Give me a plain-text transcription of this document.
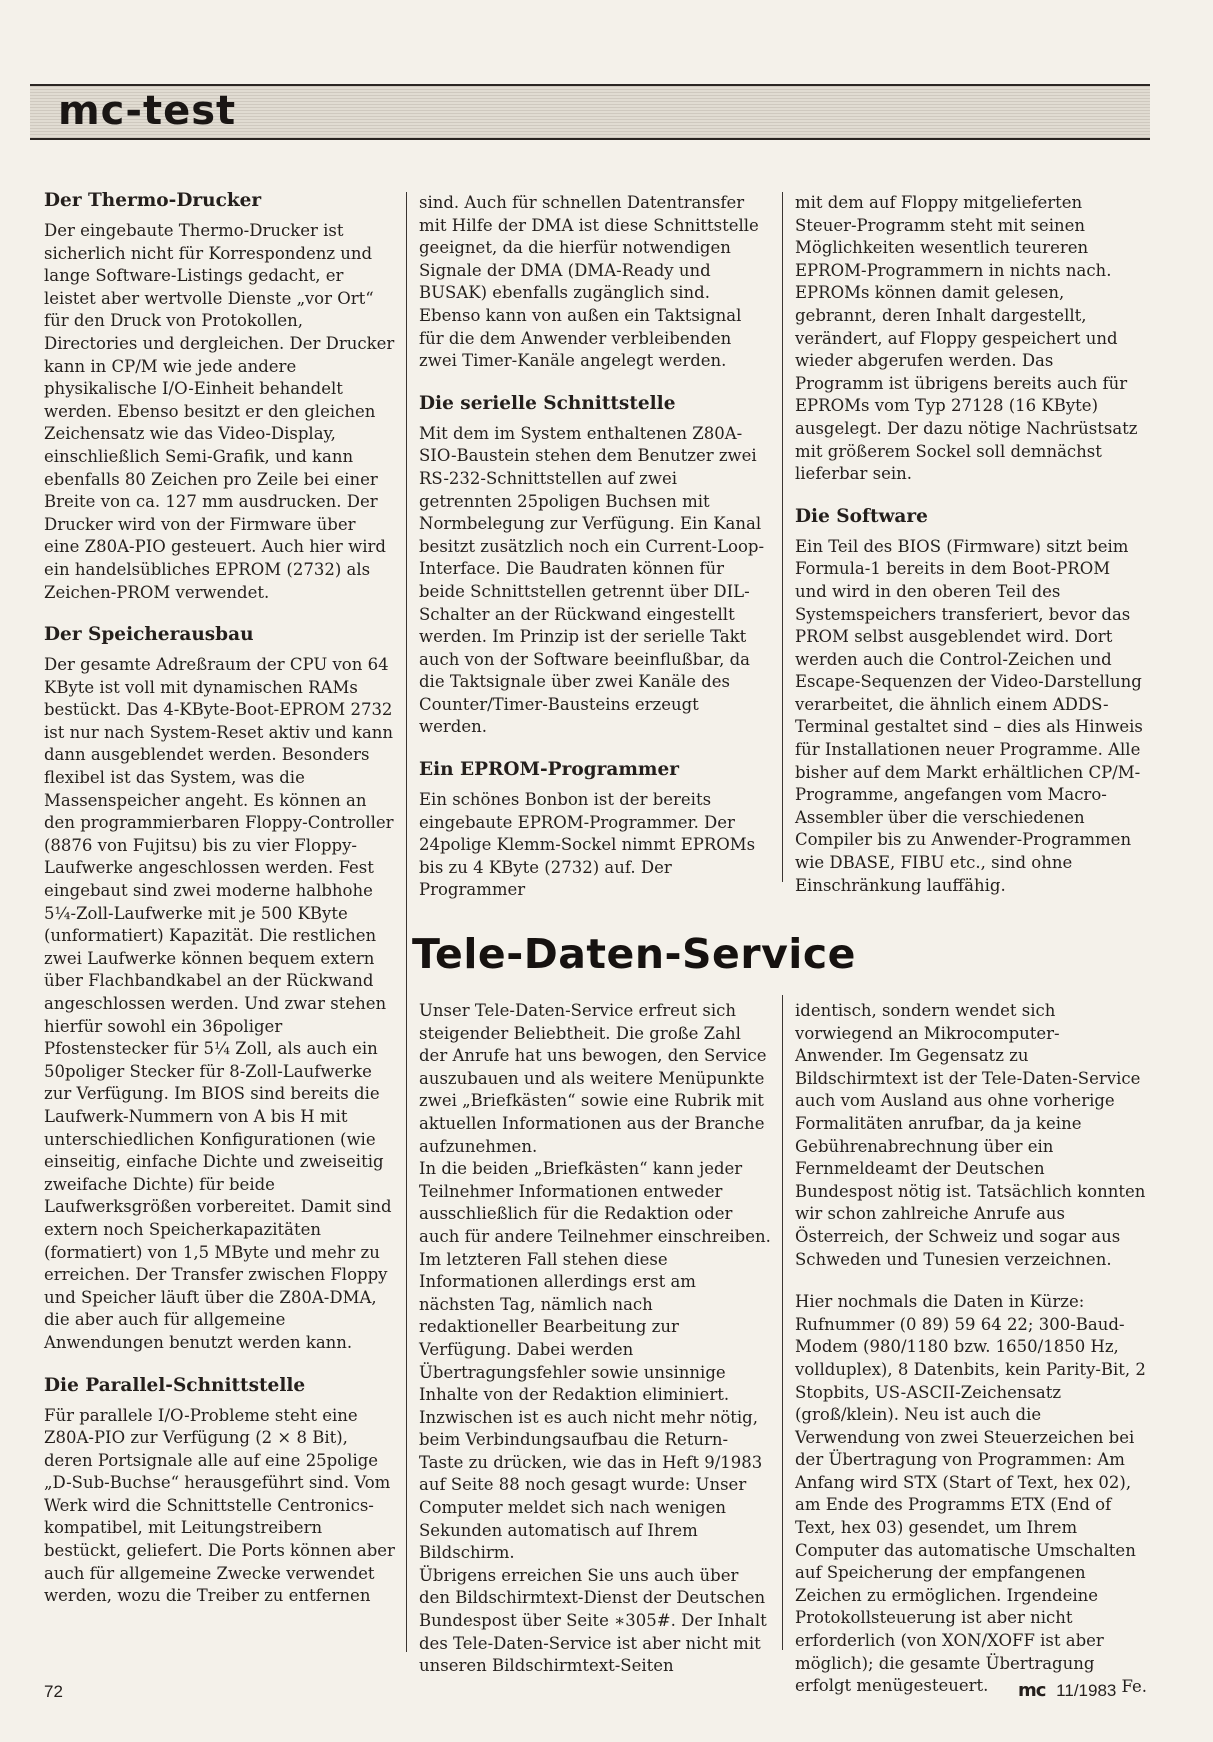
mc-test
Der Thermo-Drucker

Der eingebaute Thermo-Drucker ist sicherlich nicht für Korrespondenz und lange Software-Listings gedacht, er leistet aber wertvolle Dienste „vor Ort“ für den Druck von Protokollen, Directories und dergleichen. Der Drucker kann in CP/M wie jede andere physikalische I/O-Einheit behandelt werden. Ebenso besitzt er den gleichen Zeichensatz wie das Video-Display, einschließlich Semi-Grafik, und kann ebenfalls 80 Zeichen pro Zeile bei einer Breite von ca. 127 mm ausdrucken. Der Drucker wird von der Firmware über eine Z80A-PIO gesteuert. Auch hier wird ein handelsübliches EPROM (2732) als Zeichen-PROM verwendet.

Der Speicherausbau

Der gesamte Adreßraum der CPU von 64 KByte ist voll mit dynamischen RAMs bestückt. Das 4-KByte-Boot-EPROM 2732 ist nur nach System-Reset aktiv und kann dann ausgeblendet werden. Besonders flexibel ist das System, was die Massenspeicher angeht. Es können an den programmierbaren Floppy-Controller (8876 von Fujitsu) bis zu vier Floppy-Laufwerke angeschlossen werden. Fest eingebaut sind zwei moderne halbhohe 5¼-Zoll-Laufwerke mit je 500 KByte (unformatiert) Kapazität. Die restlichen zwei Laufwerke können bequem extern über Flachbandkabel an der Rückwand angeschlossen werden. Und zwar stehen hierfür sowohl ein 36poliger Pfostenstecker für 5¼ Zoll, als auch ein 50poliger Stecker für 8-Zoll-Laufwerke zur Verfügung. Im BIOS sind bereits die Laufwerk-Nummern von A bis H mit unterschiedlichen Konfigurationen (wie einseitig, einfache Dichte und zweiseitig zweifache Dichte) für beide Laufwerksgrößen vorbereitet. Damit sind extern noch Speicherkapazitäten (formatiert) von 1,5 MByte und mehr zu erreichen. Der Transfer zwischen Floppy und Speicher läuft über die Z80A-DMA, die aber auch für allgemeine Anwendungen benutzt werden kann.

Die Parallel-Schnittstelle

Für parallele I/O-Probleme steht eine Z80A-PIO zur Verfügung (2 × 8 Bit), deren Portsignale alle auf eine 25polige „D-Sub-Buchse“ herausgeführt sind. Vom Werk wird die Schnittstelle Centronics-kompatibel, mit Leitungstreibern bestückt, geliefert. Die Ports können aber auch für allgemeine Zwecke verwendet werden, wozu die Treiber zu entfernen

sind. Auch für schnellen Datentransfer mit Hilfe der DMA ist diese Schnittstelle geeignet, da die hierfür notwendigen Signale der DMA (DMA-Ready und BUSAK) ebenfalls zugänglich sind. Ebenso kann von außen ein Taktsignal für die dem Anwender verbleibenden zwei Timer-Kanäle angelegt werden.

Die serielle Schnittstelle

Mit dem im System enthaltenen Z80A-SIO-Baustein stehen dem Benutzer zwei RS-232-Schnittstellen auf zwei getrennten 25poligen Buchsen mit Normbelegung zur Verfügung. Ein Kanal besitzt zusätzlich noch ein Current-Loop-Interface. Die Baudraten können für beide Schnittstellen getrennt über DIL-Schalter an der Rückwand eingestellt werden. Im Prinzip ist der serielle Takt auch von der Software beeinflußbar, da die Taktsignale über zwei Kanäle des Counter/Timer-Bausteins erzeugt werden.

Ein EPROM-Programmer

Ein schönes Bonbon ist der bereits eingebaute EPROM-Programmer. Der 24polige Klemm-Sockel nimmt EPROMs bis zu 4 KByte (2732) auf. Der Programmer

mit dem auf Floppy mitgelieferten Steuer-Programm steht mit seinen Möglichkeiten wesentlich teureren EPROM-Programmern in nichts nach. EPROMs können damit gelesen, gebrannt, deren Inhalt dargestellt, verändert, auf Floppy gespeichert und wieder abgerufen werden. Das Programm ist übrigens bereits auch für EPROMs vom Typ 27128 (16 KByte) ausgelegt. Der dazu nötige Nachrüstsatz mit größerem Sockel soll demnächst lieferbar sein.

Die Software

Ein Teil des BIOS (Firmware) sitzt beim Formula-1 bereits in dem Boot-PROM und wird in den oberen Teil des Systemspeichers transferiert, bevor das PROM selbst ausgeblendet wird. Dort werden auch die Control-Zeichen und Escape-Sequenzen der Video-Darstellung verarbeitet, die ähnlich einem ADDS-Terminal gestaltet sind – dies als Hinweis für Installationen neuer Programme. Alle bisher auf dem Markt erhältlichen CP/M-Programme, angefangen vom Macro-Assembler über die verschiedenen Compiler bis zu Anwender-Programmen wie DBASE, FIBU etc., sind ohne Einschränkung lauffähig.

Tele-Daten-Service

Unser Tele-Daten-Service erfreut sich steigender Beliebtheit. Die große Zahl der Anrufe hat uns bewogen, den Service auszubauen und als weitere Menüpunkte zwei „Briefkästen“ sowie eine Rubrik mit aktuellen Informationen aus der Branche aufzunehmen.

In die beiden „Briefkästen“ kann jeder Teilnehmer Informationen entweder ausschließlich für die Redaktion oder auch für andere Teilnehmer einschreiben. Im letzteren Fall stehen diese Informationen allerdings erst am nächsten Tag, nämlich nach redaktioneller Bearbeitung zur Verfügung. Dabei werden Übertragungsfehler sowie unsinnige Inhalte von der Redaktion eliminiert. Inzwischen ist es auch nicht mehr nötig, beim Verbindungsaufbau die Return-Taste zu drücken, wie das in Heft 9/1983 auf Seite 88 noch gesagt wurde: Unser Computer meldet sich nach wenigen Sekunden automatisch auf Ihrem Bildschirm.

Übrigens erreichen Sie uns auch über den Bildschirmtext-Dienst der Deutschen Bundespost über Seite ∗305#. Der Inhalt des Tele-Daten-Service ist aber nicht mit unseren Bildschirmtext-Seiten

identisch, sondern wendet sich vorwiegend an Mikrocomputer-Anwender. Im Gegensatz zu Bildschirmtext ist der Tele-Daten-Service auch vom Ausland aus ohne vorherige Formalitäten anrufbar, da ja keine Gebührenabrechnung über ein Fernmeldeamt der Deutschen Bundespost nötig ist. Tatsächlich konnten wir schon zahlreiche Anrufe aus Österreich, der Schweiz und sogar aus Schweden und Tunesien verzeichnen.

Hier nochmals die Daten in Kürze: Rufnummer (0 89) 59 64 22; 300-Baud-Modem (980/1180 bzw. 1650/1850 Hz, vollduplex), 8 Datenbits, kein Parity-Bit, 2 Stopbits, US-ASCII-Zeichensatz (groß/klein). Neu ist auch die Verwendung von zwei Steuerzeichen bei der Übertragung von Programmen: Am Anfang wird STX (Start of Text, hex 02), am Ende des Programms ETX (End of Text, hex 03) gesendet, um Ihrem Computer das automatische Umschalten auf Speicherung der empfangenen Zeichen zu ermöglichen. Irgendeine Protokollsteuerung ist aber nicht erforderlich (von XON/XOFF ist aber möglich); die gesamte Übertragung erfolgt menügesteuert.	Fe.

72	mc 11/1983
